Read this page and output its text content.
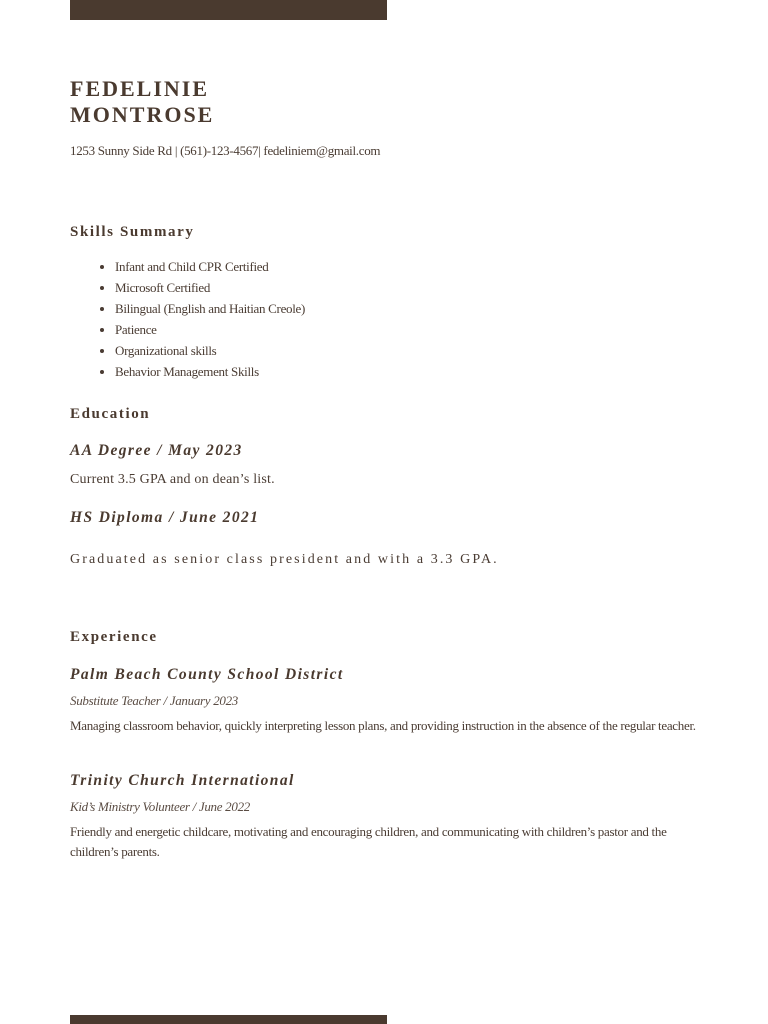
FEDELINIE
MONTROSE
1253 Sunny Side Rd | (561)-123-4567| fedeliniem@gmail.com
Skills Summary
• Infant and Child CPR Certified
• Microsoft Certified
• Bilingual (English and Haitian Creole)
• Patience
• Organizational skills
• Behavior Management Skills
Education
AA Degree / May 2023
Current 3.5 GPA and on dean’s list.
HS Diploma / June 2021
Graduated as senior class president and with a 3.3 GPA.
Experience
Palm Beach County School District
Substitute Teacher / January 2023
Managing classroom behavior, quickly interpreting lesson plans, and providing instruction in the absence of the regular teacher.
Trinity Church International
Kid’s Ministry Volunteer / June 2022
Friendly and energetic childcare, motivating and encouraging children, and communicating with children’s pastor and the children’s parents.
